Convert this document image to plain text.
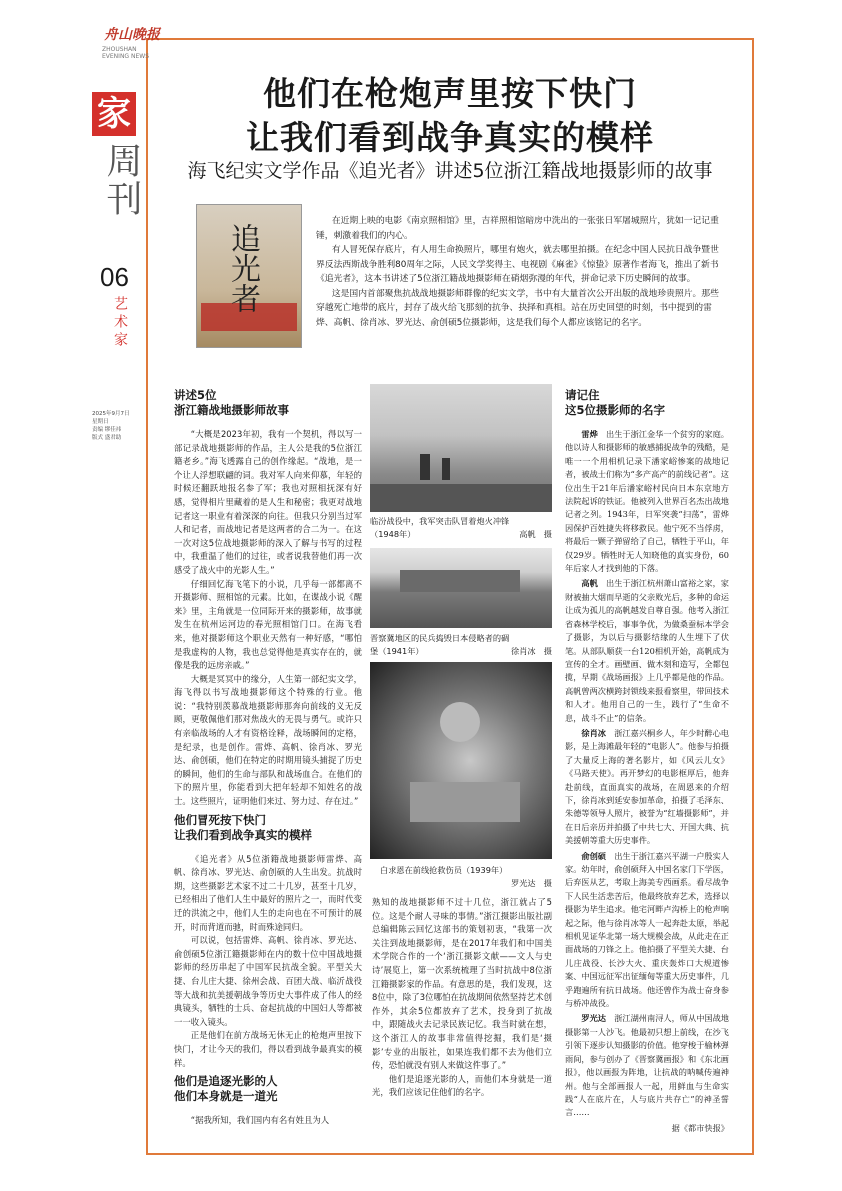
舟山晚报
ZHOUSHAN
EVENING NEWS
家
周刊
06
艺术家
2025年9月7日
星期日
责编 缪佳祎
版式 盛君助
他们在枪炮声里按下快门
让我们看到战争真实的模样
海飞纪实文学作品《追光者》讲述5位浙江籍战地摄影师的故事
追光者

在近期上映的电影《南京照相馆》里，吉祥照相馆暗房中洗出的一张张日军屠城照片，犹如一记记重锤，刺激着我们的内心。

有人冒死保存底片，有人用生命换照片，哪里有炮火，就去哪里拍摄。在纪念中国人民抗日战争暨世界反法西斯战争胜利80周年之际，人民文学奖得主、电视剧《麻雀》《惊蛰》原著作者海飞，推出了新书《追光者》，这本书讲述了5位浙江籍战地摄影师在硝烟弥漫的年代，拼命记录下历史瞬间的故事。

这是国内首部聚焦抗战战地摄影师群像的纪实文学，书中有大量首次公开出版的战地珍贵照片。那些穿越死亡地带的底片，封存了战火给飞那刻的抗争、抉择和真相。站在历史回望的时刻，书中提到的雷烨、高帆、徐肖冰、罗光达、俞创硕5位摄影师，这是我们每个人都应该铭记的名字。

讲述5位
浙江籍战地摄影师故事

“大概是2023年初，我有一个契机，得以写一部记录战地摄影师的作品，主人公是我的5位浙江籍老乡。”海飞透露自己的创作缘起。“战地，是一个让人浮想联翩的词。我对军人向来仰慕，年轻的时候还翻跃地报名参了军；我也对照相抚深有好感，觉得相片里藏着的是人生和秘密；我更对战地记者这一职业有着深深的向往。但我只分别当过军人和记者，而战地记者是这两者的合二为一。在这一次对这5位战地摄影师的深入了解与书写的过程中，我重温了他们的过往，或者说我替他们再一次感受了战火中的光影人生。”

仔细回忆海飞笔下的小说，几乎每一部都离不开摄影师、照相馆的元素。比如，在谍战小说《醒来》里，主角就是一位同际开来的摄影师，故事就发生在杭州运河边的春光照相馆门口。在海飞看来，他对摄影师这个职业天然有一种好感，“哪怕是我虚构的人物，我也总觉得他是真实存在的，就像是我的远房亲戚。”

大概是冥冥中的缘分，人生第一部纪实文学，海飞得以书写战地摄影师这个特殊的行业。他说：“我特别羡慕战地摄影师那奔向前线的义无反顾，更敬佩他们那对焦战火的无畏与勇气。或许只有亲临战场的人才有资格诠释，战场瞬间的定格，是纪录，也是创作。雷烨、高帆、徐肖冰、罗光达、俞创硕，他们在特定的时期用镜头捕捉了历史的瞬间，他们的生命与部队和战场血合。在他们的下的照片里，你能看到大把年轻却不知姓名的战士。这些照片，证明他们来过、努力过、存在过。”

他们冒死按下快门
让我们看到战争真实的模样

《追光者》从5位浙籍战地摄影师雷烨、高帆、徐肖冰、罗光达、俞创硕的人生出发。抗战时期，这些摄影艺术家不过二十几岁，甚至十几岁，已经相出了他们人生中最好的照片之一，而时代变迁的洪流之中，他们人生的走向也在不可预计的展开，时而背道而驰，时而殊途同归。

可以说，包括雷烨、高帆、徐肖冰、罗光达、俞创硕5位浙江籍摄影师在内的数十位中国战地摄影师的经历串起了中国军民抗战全貌。平型关大捷、台儿庄大捷、徐州会战、百团大战、临沂战役等大战和抗美援朝战争等历史大事件成了伟人的经典镜头，牺牲的士兵、奋起抗战的中国妇人等都被一一收入镜头。

正是他们在前方战场无休无止的枪炮声里按下快门，才让今天的我们，得以看到战争最真实的模样。

他们是追逐光影的人
他们本身就是一道光

“据我所知，我们国内有名有姓且为人

临汾战役中，我军突击队冒着炮火冲锋
（1948年）	高帆　摄
晋察冀地区的民兵捣毁日本侵略者的碉
堡（1941年）	徐肖冰　摄
白求恩在前线抢救伤员（1939年）
罗光达　摄

熟知的战地摄影师不过十几位，浙江就占了5位。这是个耐人寻味的事情。”浙江摄影出版社副总编辑陈云回忆这部书的策划初衷，“我第一次关注到战地摄影师，是在2017年我们和中国美术学院合作的一个‘浙江摄影文献——文人与史诗’展览上，第一次系统梳理了当时抗战中8位浙江籍摄影家的作品。有意思的是，我们发现，这8位中，除了3位哪怕在抗战期间依然坚持艺术创作外，其余5位都放弃了艺术，投身到了抗战中，跟随战火去记录民族记忆。我当时就在想，这个浙江人的故事非常值得挖掘，我们是‘摄影’专业的出版社，如果连我们都不去为他们立传，恐怕就没有别人来做这件事了。”

他们是追逐光影的人，而他们本身就是一道光，我们应该记住他们的名字。

请记住
这5位摄影师的名字

雷烨　 出生于浙江金华一个贫穷的家庭。他以诗人和摄影师的敏感捕捉战争的残酷，是唯一一个用相机记录下潘家峪惨案的战地记者，被战士们称为“多产高产的前线记者”。这位出生于21年后潘家峪村民向日本东京地方法院起诉的铁证。他被列入世界百名杰出战地记者之列。1943年，日军突袭“扫荡”，雷烨因保护百姓捷失将移救民。他宁死不当俘虏，将最后一颗子弹留给了自己，牺牲于平山，年仅29岁。牺牲时无人知晓他的真实身份，60年后家人才找到他的下落。

高帆　 出生于浙江杭州萧山富裕之家，家财被抽大烟而早逝的父亲败光后，多种的命运让成为孤儿的高帆越发自尊自强。他考入浙江省森林学校后，事事争优，为做桑蚕标本学会了摄影，为以后与摄影结缘的人生埋下了伏笔。从部队顺获一台120相机开始，高帆成为宣传的全才。画壁画、做木刻和造写，全都包揽，早期《战场画报》上几乎都是他的作品。高帆曾两次横跨封锁线来报看察里，带回技术和人才。他用自己的一生，践行了“生命不息，战斗不止”的信条。

徐肖冰　 浙江嘉兴桐乡人，年少时醉心电影，是上海滩最年轻的“电影人”。他参与拍摄了大量反上海的著名影片，如《风云儿女》《马路天使》。再开梦幻的电影框厚后，他奔赴前线，直面真实的战场，在周恩来的介绍下，徐肖冰到延安参加革命，拍摄了毛泽东、朱德等领导人照片，被誉为“红墙摄影师”，并在日后亲历并拍摄了中共七大、开国大典、抗美援朝等重大历史事件。

俞创硕　 出生于浙江嘉兴平湖一户殷实人家。幼年时，俞创硕拜入中国名家门下学医，后弃医从艺，考取上海美专西画系。看尽战争下人民生活悲苦后，他最终放弃艺术，选择以摄影为毕生追求。他宅河畔卢沟桥上的枪声响起之际，他与徐肖冰等人一起奔赴太原，举起相机见证华北第一场大规模会战，从此走在正面战场的刀锋之上。他拍摄了平型关大捷、台儿庄战役、长沙大火、重庆轰炸口大规道惨案、中国远征军出征缅甸等重大历史事件，几乎跑遍所有抗日战场。他还曾作为战士奋身参与桥冲战役。

罗光达　 浙江湖州南浔人，师从中国战地摄影第一人沙飞。他最初只想上前线，在沙飞引领下逐步认知摄影的价值。他穿梭于榆林弹雨间，参与创办了《晋察冀画报》和《东北画报》，他以画报为阵地，让抗战的呐喊传遍神州。他与全部画报人一起，用鲜血与生命实践“人在底片在，人与底片共存亡”的神圣誓言……

据《都市快报》
